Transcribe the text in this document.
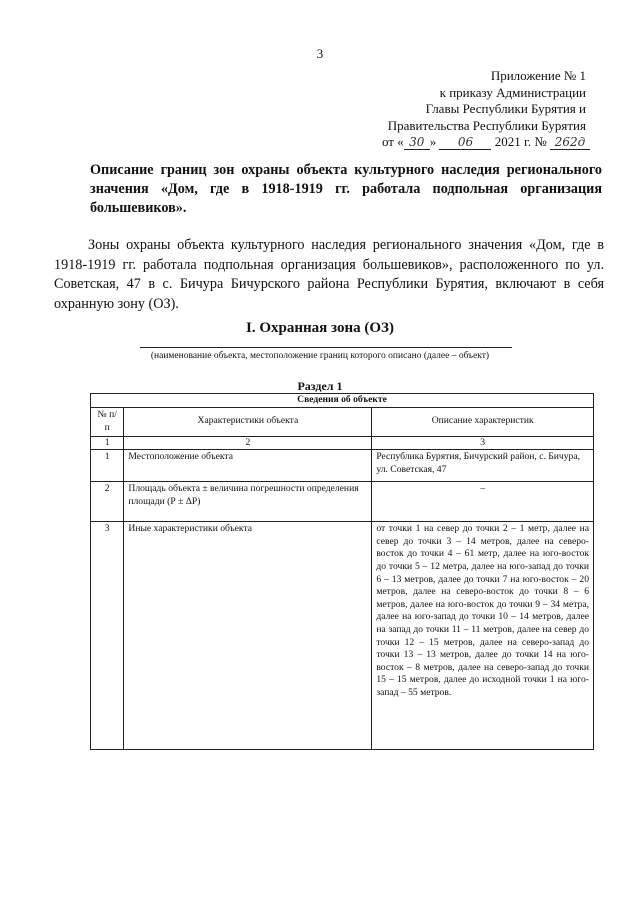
3
Приложение № 1
к приказу Администрации
Главы Республики Бурятия и
Правительства Республики Бурятия
от « 30 » 06 2021 г. № 262д
Описание границ зон охраны объекта культурного наследия регионального значения «Дом, где в 1918-1919 гг. работала подпольная организация большевиков».
Зоны охраны объекта культурного наследия регионального значения «Дом, где в 1918-1919 гг. работала подпольная организация большевиков», расположенного по ул. Советская, 47 в с. Бичура Бичурского района Республики Бурятия, включают в себя охранную зону (ОЗ).
I. Охранная зона (ОЗ)
(наименование объекта, местоположение границ которого описано (далее – объект)
Раздел 1
Сведения об объекте		
№ п/п	Характеристики объекта	Описание характеристик
1	2	3
1	Местоположение объекта	Республика Бурятия, Бичурский район, с. Бичура, ул. Советская, 47
2	Площадь объекта ± величина погрешности определения площади (Р ± ΔР)	–
3	Иные характеристики объекта	от точки 1 на север до точки 2 – 1 метр, далее на север до точки 3 – 14 метров, далее на северо-восток до точки 4 – 61 метр, далее на юго-восток до точки 5 – 12 метра, далее на юго-запад до точки 6 – 13 метров, далее до точки 7 на юго-восток – 20 метров, далее на северо-восток до точки 8 – 6 метров, далее на юго-восток до точки 9 – 34 метра, далее на юго-запад до точки 10 – 14 метров, далее на запад до точки 11 – 11 метров, далее на север до точки 12 – 15 метров, далее на северо-запад до точки 13 – 13 метров, далее до точки 14 на юго-восток – 8 метров, далее на северо-запад до точки 15 – 15 метров, далее до исходной точки 1 на юго-запад – 55 метров.
